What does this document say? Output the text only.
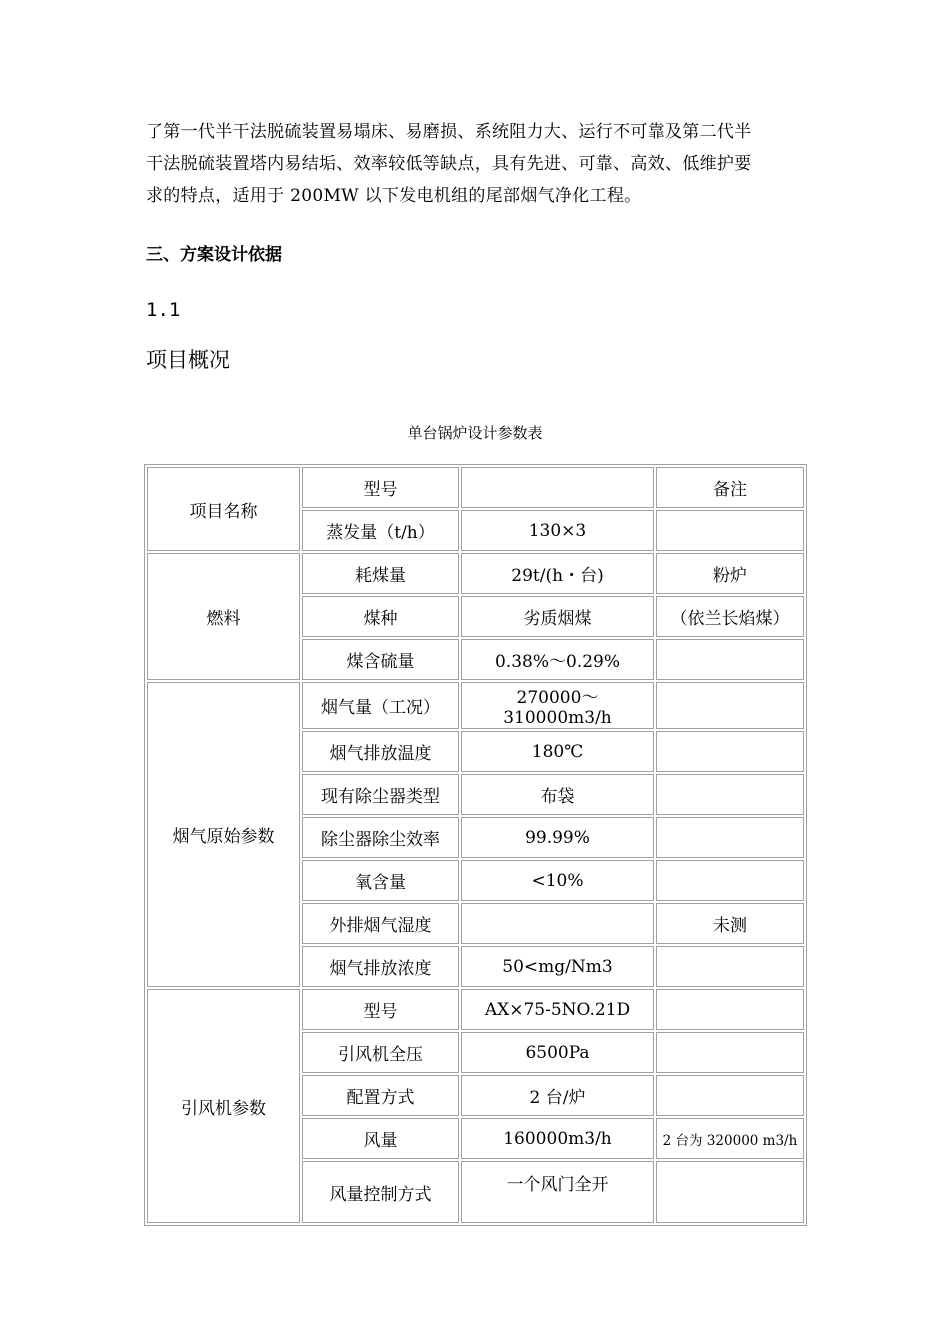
了第一代半干法脱硫装置易塌床、易磨损、系统阻力大、运行不可靠及第二代半
干法脱硫装置塔内易结垢、效率较低等缺点，具有先进、可靠、高效、低维护要
求的特点，适用于 200MW 以下发电机组的尾部烟气净化工程。
三、方案设计依据
1.1
项目概况
单台锅炉设计参数表
项目名称	型号		备注
	蒸发量（t/h）	130×3	
燃料	耗煤量	29t/(h・台)	粉炉
	煤种	劣质烟煤	（依兰长焰煤）
	煤含硫量	0.38%～0.29%	
烟气原始参数	烟气量（工况）	270000～310000m3/h	
	烟气排放温度	180℃	
	现有除尘器类型	布袋	
	除尘器除尘效率	99.99%	
	氧含量	<10%	
	外排烟气湿度		未测
	烟气排放浓度	50<mg/Nm3	
引风机参数	型号	AX×75-5NO.21D	
	引风机全压	6500Pa	
	配置方式	2 台/炉	
	风量	160000m3/h	2 台为 320000 m3/h
	风量控制方式	一个风门全开	
